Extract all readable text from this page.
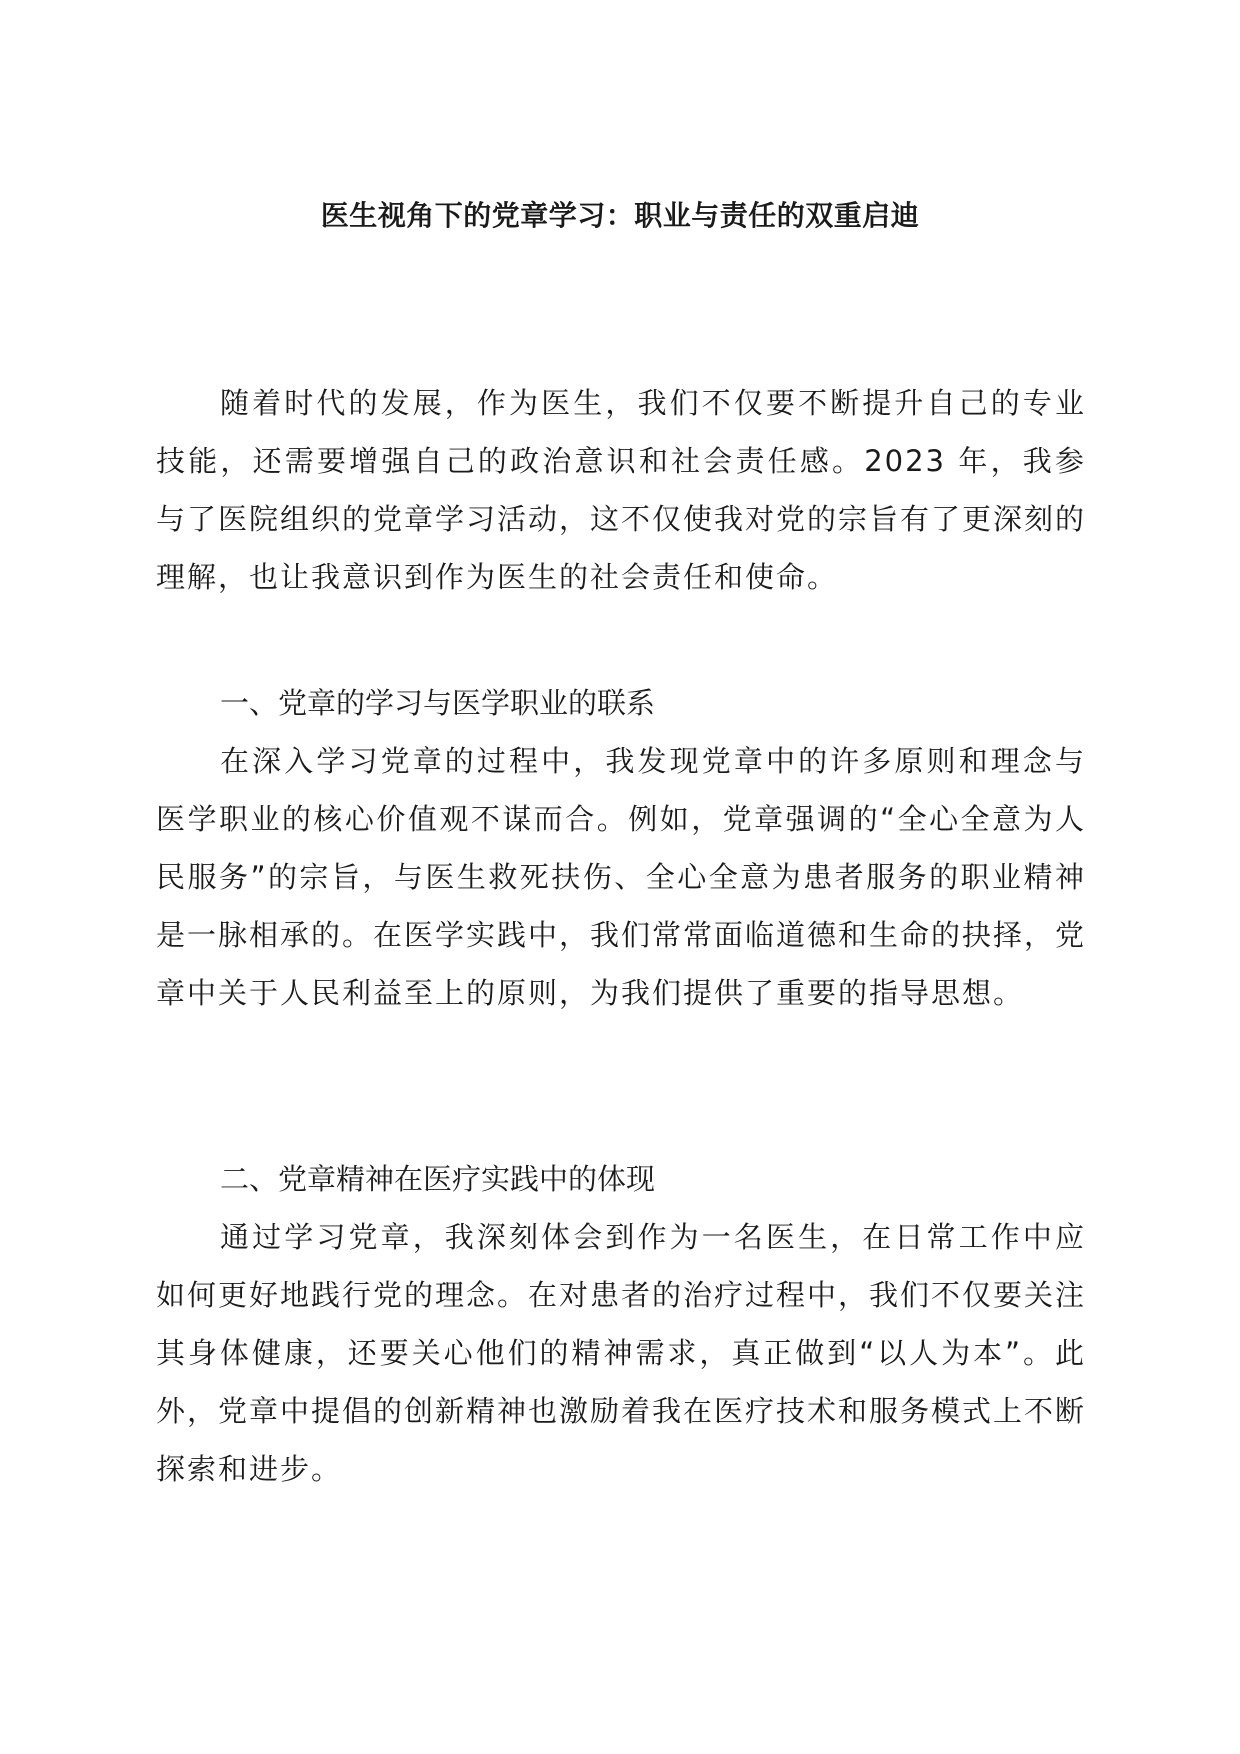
医生视角下的党章学习：职业与责任的双重启迪

随着时代的发展，作为医生，我们不仅要不断提升自己的专业技能，还需要增强自己的政治意识和社会责任感。2023 年，我参与了医院组织的党章学习活动，这不仅使我对党的宗旨有了更深刻的理解，也让我意识到作为医生的社会责任和使命。

一、党章的学习与医学职业的联系

在深入学习党章的过程中，我发现党章中的许多原则和理念与医学职业的核心价值观不谋而合。例如，党章强调的“全心全意为人民服务”的宗旨，与医生救死扶伤、全心全意为患者服务的职业精神是一脉相承的。在医学实践中，我们常常面临道德和生命的抉择，党章中关于人民利益至上的原则，为我们提供了重要的指导思想。

二、党章精神在医疗实践中的体现

通过学习党章，我深刻体会到作为一名医生，在日常工作中应如何更好地践行党的理念。在对患者的治疗过程中，我们不仅要关注其身体健康，还要关心他们的精神需求，真正做到“以人为本”。此外，党章中提倡的创新精神也激励着我在医疗技术和服务模式上不断探索和进步。
